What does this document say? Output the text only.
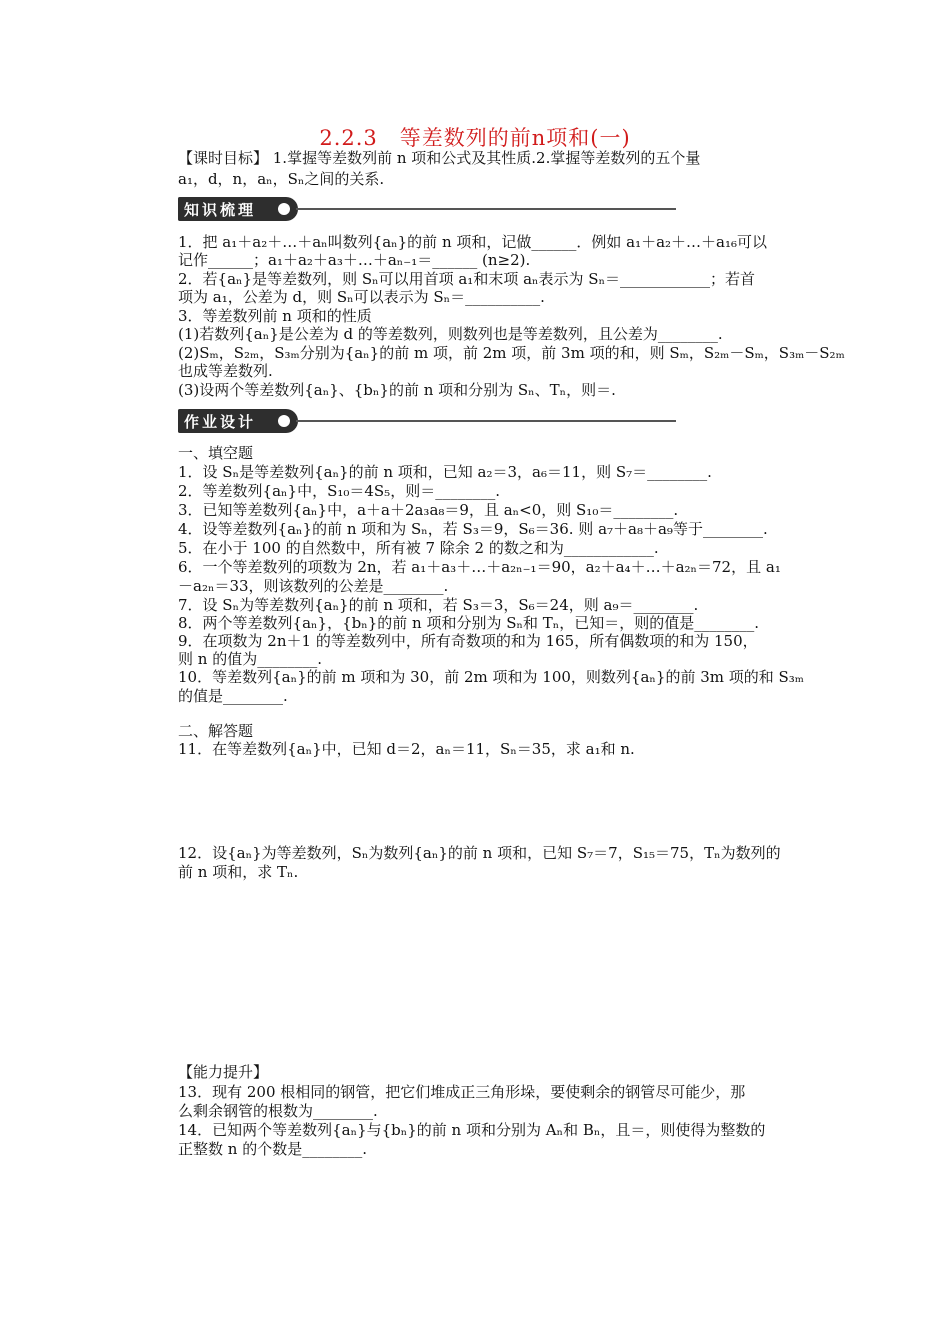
2.2.3　等差数列的前n项和(一)
【课时目标】 1.掌握等差数列前 n 项和公式及其性质.2.掌握等差数列的五个量
a₁，d，n，aₙ，Sₙ之间的关系.
知识梳理
1．把 a₁＋a₂＋…＋aₙ叫数列{aₙ}的前 n 项和，记做______．例如 a₁＋a₂＋…＋a₁₆可以
记作______；a₁＋a₂＋a₃＋…＋aₙ₋₁＝______ (n≥2).
2．若{aₙ}是等差数列，则 Sₙ可以用首项 a₁和末项 aₙ表示为 Sₙ＝____________；若首
项为 a₁，公差为 d，则 Sₙ可以表示为 Sₙ＝__________.
3．等差数列前 n 项和的性质
(1)若数列{aₙ}是公差为 d 的等差数列，则数列也是等差数列，且公差为________.
(2)Sₘ，S₂ₘ，S₃ₘ分别为{aₙ}的前 m 项，前 2m 项，前 3m 项的和，则 Sₘ，S₂ₘ－Sₘ，S₃ₘ－S₂ₘ
也成等差数列.
(3)设两个等差数列{aₙ}、{bₙ}的前 n 项和分别为 Sₙ、Tₙ，则＝.
作业设计
一、填空题
1．设 Sₙ是等差数列{aₙ}的前 n 项和，已知 a₂＝3，a₆＝11，则 S₇＝________.
2．等差数列{aₙ}中，S₁₀＝4S₅，则＝________.
3．已知等差数列{aₙ}中，a＋a＋2a₃a₈＝9，且 aₙ<0，则 S₁₀＝________.
4．设等差数列{aₙ}的前 n 项和为 Sₙ，若 S₃＝9，S₆＝36. 则 a₇＋a₈＋a₉等于________.
5．在小于 100 的自然数中，所有被 7 除余 2 的数之和为____________.
6．一个等差数列的项数为 2n，若 a₁＋a₃＋…＋a₂ₙ₋₁＝90，a₂＋a₄＋…＋a₂ₙ＝72，且 a₁
－a₂ₙ＝33，则该数列的公差是________.
7．设 Sₙ为等差数列{aₙ}的前 n 项和，若 S₃＝3，S₆＝24，则 a₉＝________.
8．两个等差数列{aₙ}，{bₙ}的前 n 项和分别为 Sₙ和 Tₙ，已知＝，则的值是________.
9．在项数为 2n＋1 的等差数列中，所有奇数项的和为 165，所有偶数项的和为 150，
则 n 的值为________.
10．等差数列{aₙ}的前 m 项和为 30，前 2m 项和为 100，则数列{aₙ}的前 3m 项的和 S₃ₘ
的值是________.
二、解答题
11．在等差数列{aₙ}中，已知 d＝2，aₙ＝11，Sₙ＝35，求 a₁和 n.
12．设{aₙ}为等差数列，Sₙ为数列{aₙ}的前 n 项和，已知 S₇＝7，S₁₅＝75，Tₙ为数列的
前 n 项和，求 Tₙ.
【能力提升】
13．现有 200 根相同的钢管，把它们堆成正三角形垛，要使剩余的钢管尽可能少，那
么剩余钢管的根数为________.
14．已知两个等差数列{aₙ}与{bₙ}的前 n 项和分别为 Aₙ和 Bₙ，且＝，则使得为整数的
正整数 n 的个数是________.
